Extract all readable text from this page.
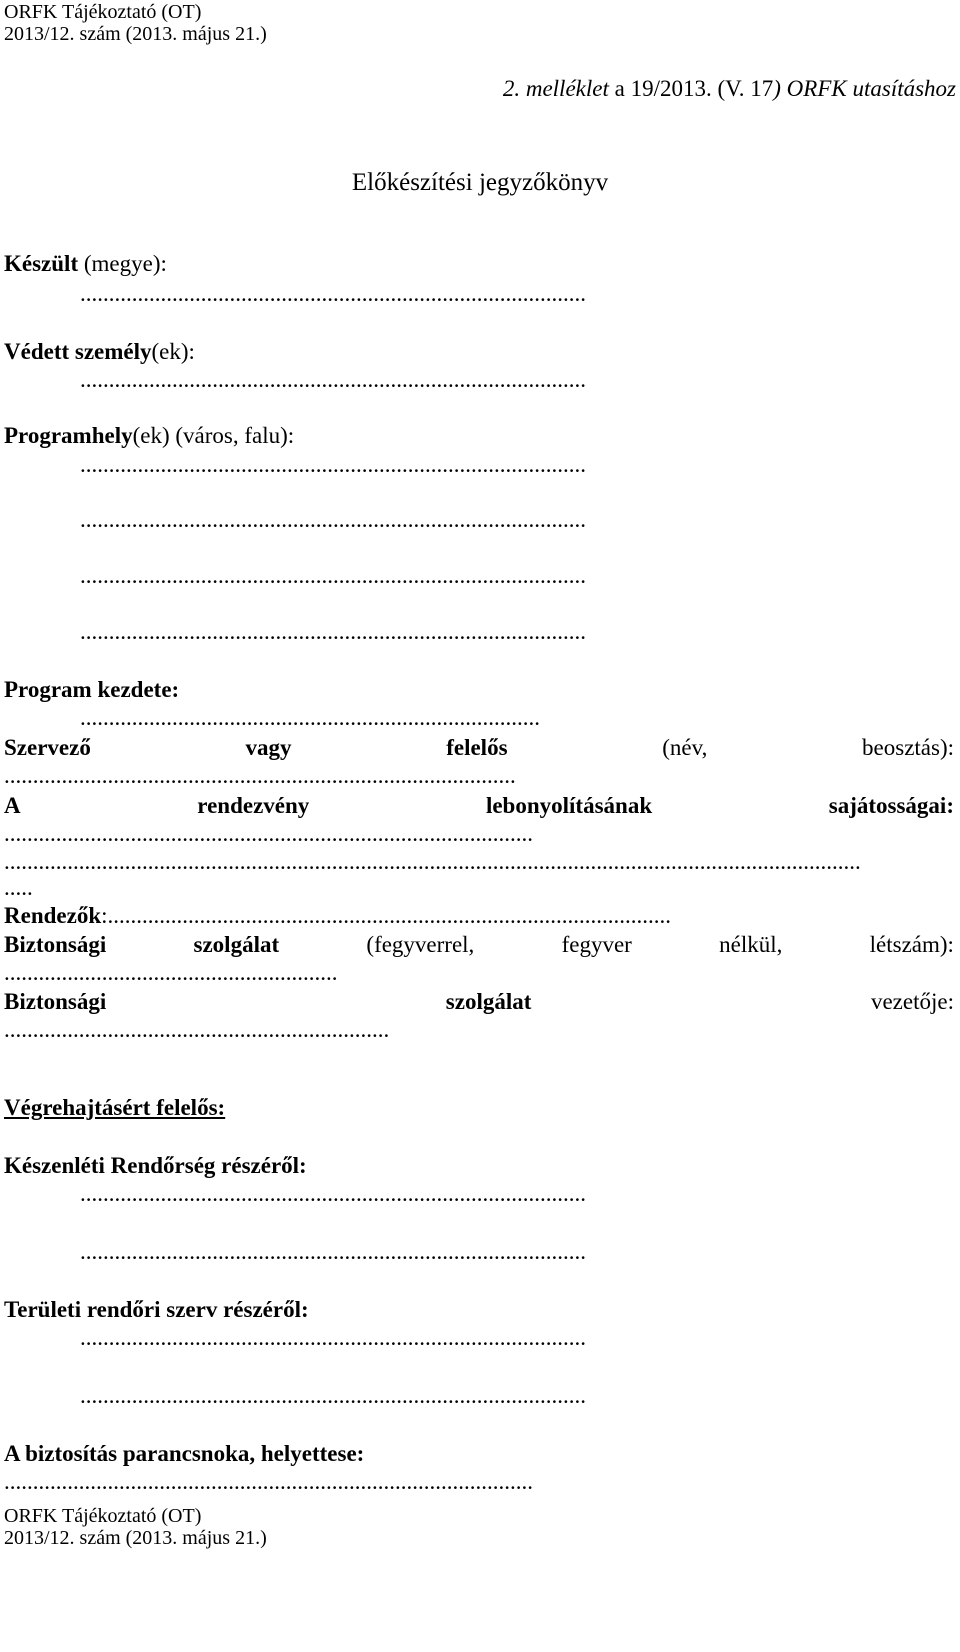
ORFK Tájékoztató (OT)
2013/12. szám (2013. május 21.)
2. melléklet a 19/2013. (V. 17) ORFK utasításhoz
Előkészítési jegyzőkönyv
Készült (megye):
........................................................................................
Védett személy(ek):
........................................................................................
Programhely(ek) (város, falu):
........................................................................................
........................................................................................
........................................................................................
........................................................................................
Program kezdete:
................................................................................
Szervező	vagy	felelős	(név,	beosztás):
.........................................................................................
A	rendezvény	lebonyolításának	sajátosságai:
............................................................................................
.....................................................................................................................................................
.....
Rendezők:..................................................................................................
Biztonsági	szolgálat	(fegyverrel,	fegyver	nélkül,	létszám):
..........................................................
Biztonsági	szolgálat	vezetője:
...................................................................
Végrehajtásért felelős:
Készenléti Rendőrség részéről:
........................................................................................
........................................................................................
Területi rendőri szerv részéről:
........................................................................................
........................................................................................
A biztosítás parancsnoka, helyettese:
............................................................................................
ORFK Tájékoztató (OT)
2013/12. szám (2013. május 21.)
